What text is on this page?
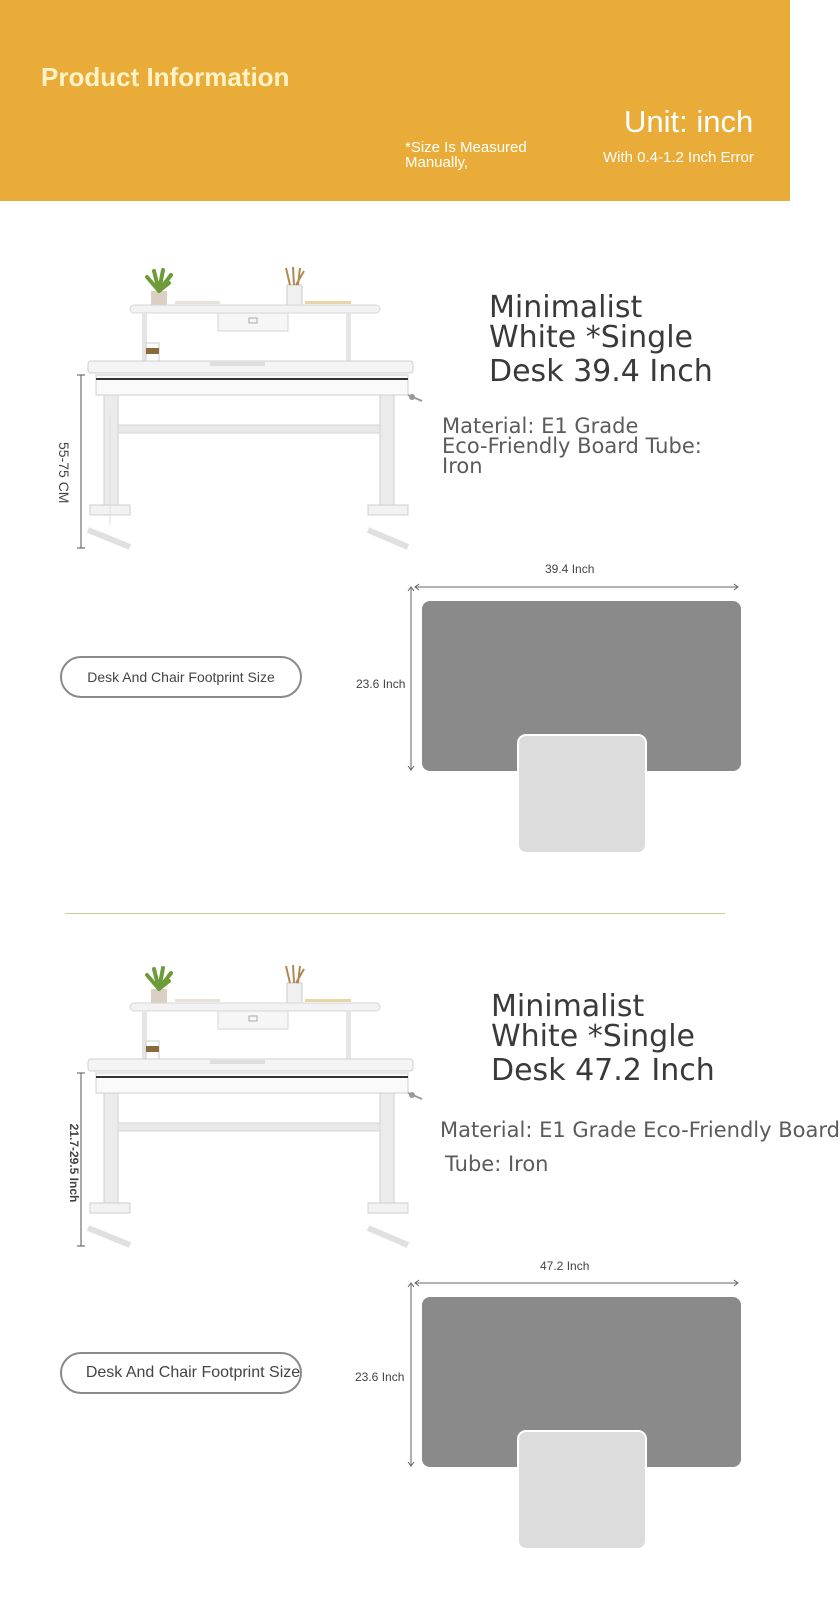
Product Information
Unit: inch
*Size Is Measured Manually,	With 0.4-1.2 Inch Error
55-75 CM
Minimalist
White *Single
Desk 39.4 Inch
Material: E1 Grade
Eco-Friendly Board Tube:
Iron
Desk And Chair Footprint Size
39.4 Inch
23.6 Inch
21.7-29.5 Inch
Minimalist
White *Single
Desk 47.2 Inch
Material: E1 Grade Eco-Friendly Board
Tube: Iron
Desk And Chair Footprint Size
47.2 Inch
23.6 Inch
